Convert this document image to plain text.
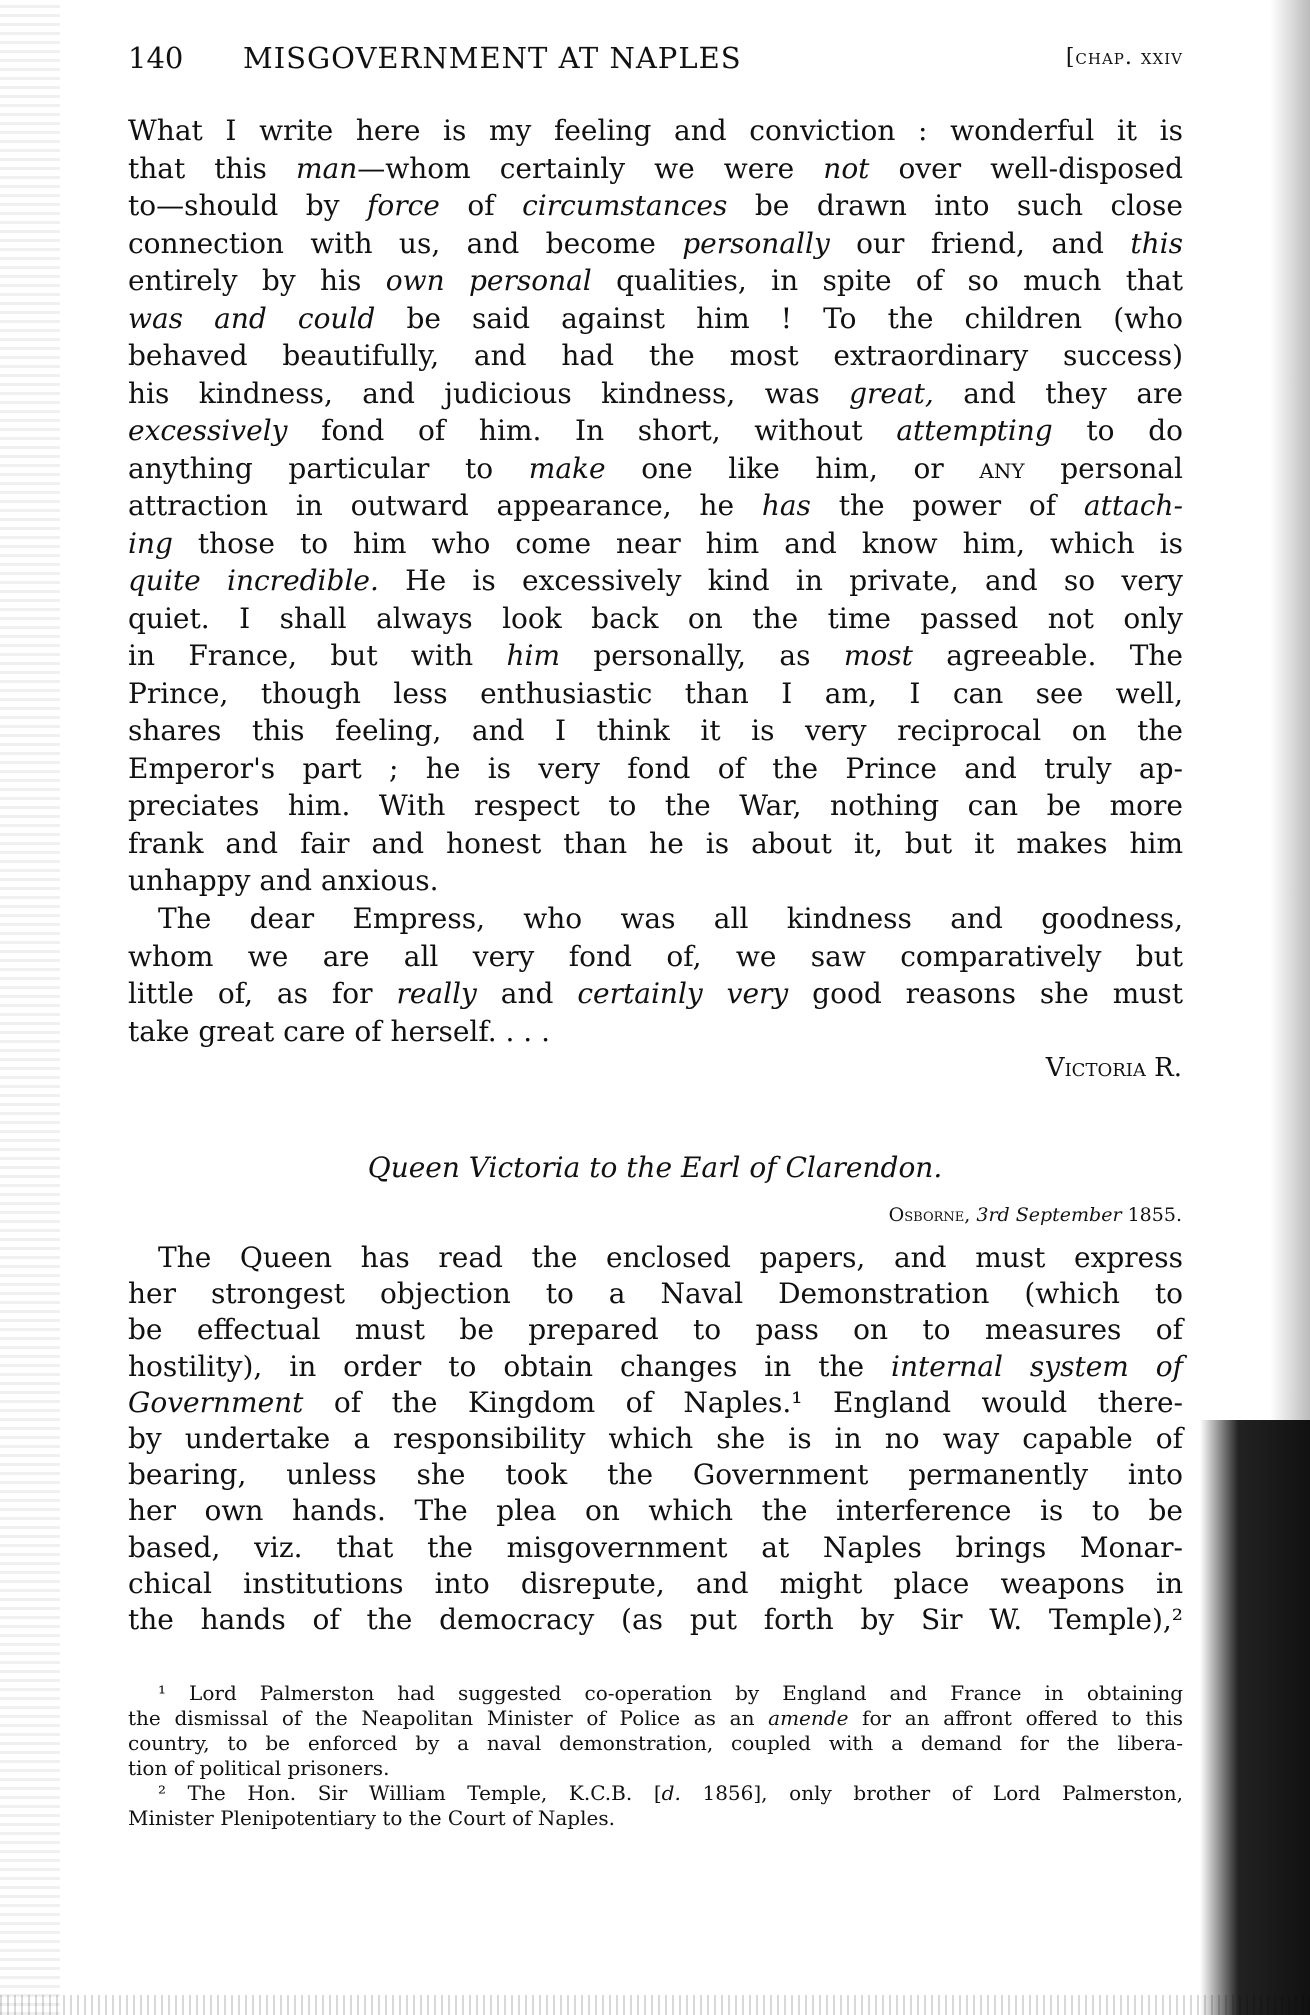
140 MISGOVERNMENT AT NAPLES	[chap. xxiv
What I write here is my feeling and conviction : wonderful it is
that this man—whom certainly we were not over well-disposed
to—should by force of circumstances be drawn into such close
connection with us, and become personally our friend, and this
entirely by his own personal qualities, in spite of so much that
was and could be said against him ! To the children (who
behaved beautifully, and had the most extraordinary success)
his kindness, and judicious kindness, was great, and they are
excessively fond of him. In short, without attempting to do
anything particular to make one like him, or any personal
attraction in outward appearance, he has the power of attach-
ing those to him who come near him and know him, which is
quite incredible. He is excessively kind in private, and so very
quiet. I shall always look back on the time passed not only
in France, but with him personally, as most agreeable. The
Prince, though less enthusiastic than I am, I can see well,
shares this feeling, and I think it is very reciprocal on the
Emperor's part ; he is very fond of the Prince and truly ap-
preciates him. With respect to the War, nothing can be more
frank and fair and honest than he is about it, but it makes him
unhappy and anxious.
The dear Empress, who was all kindness and goodness,
whom we are all very fond of, we saw comparatively but
little of, as for really and certainly very good reasons she must
take great care of herself. . . .
Victoria R.
Queen Victoria to the Earl of Clarendon.
Osborne, 3rd September 1855.
The Queen has read the enclosed papers, and must express
her strongest objection to a Naval Demonstration (which to
be effectual must be prepared to pass on to measures of
hostility), in order to obtain changes in the internal system of
Government of the Kingdom of Naples.¹ England would there-
by undertake a responsibility which she is in no way capable of
bearing, unless she took the Government permanently into
her own hands. The plea on which the interference is to be
based, viz. that the misgovernment at Naples brings Monar-
chical institutions into disrepute, and might place weapons in
the hands of the democracy (as put forth by Sir W. Temple),²
¹ Lord Palmerston had suggested co-operation by England and France in obtaining
the dismissal of the Neapolitan Minister of Police as an amende for an affront offered to this
country, to be enforced by a naval demonstration, coupled with a demand for the libera-
tion of political prisoners.
² The Hon. Sir William Temple, K.C.B. [d. 1856], only brother of Lord Palmerston,
Minister Plenipotentiary to the Court of Naples.
